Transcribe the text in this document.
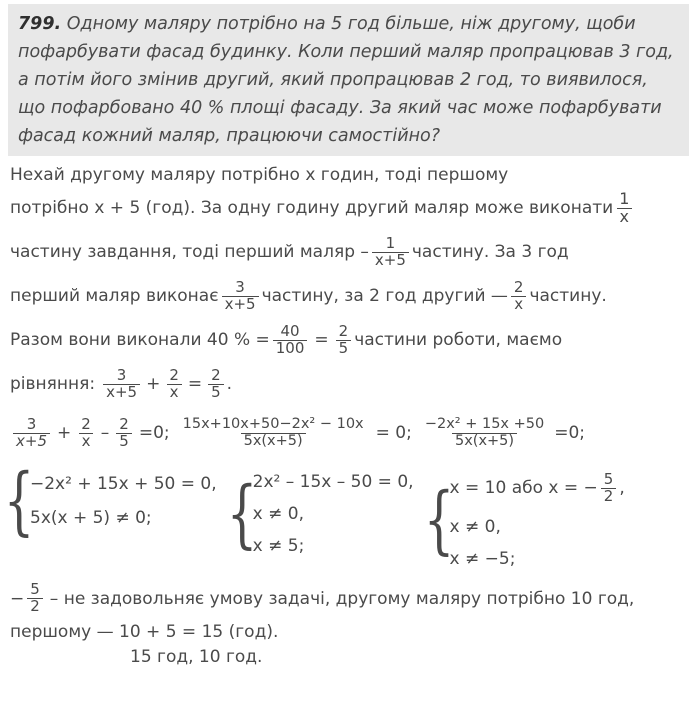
799. Одному маляру потрібно на 5 год більше, ніж другому, щоби пофарбувати фасад будинку. Коли перший маляр пропрацював 3 год, а потім його змінив другий, який пропрацював 2 год, то виявилося, що пофарбовано 40 % площі фасаду. За який час може пофарбувати фасад кожний маляр, працюючи самостійно?
Нехай другому маляру потрібно х годин, тоді першому
потрібно х + 5 (год). За одну годину другий маляр може виконати $\frac{1}{х}$
частину завдання, тоді перший маляр – $\frac{1}{х+5}$ частину. За 3 год
перший маляр виконає $\frac{3}{х+5}$ частину, за 2 год другий — $\frac{2}{х}$ частину.
Разом вони виконали 40 % = $\frac{40}{100} = \frac{2}{5}$ частини роботи, маємо
рівняння: $\frac{3}{х+5} + \frac{2}{х} = \frac{2}{5}$ .
$\frac{3}{х+5} + \frac{2}{х} - \frac{2}{5} =0$; $\frac{\text{15х+10х+50−2х² − 10х}}{5х(х+5)} = 0$; $\frac{\text{−2х² + 15х +50}}{5х(х+5)} =0$;
{
−2х² + 15х + 50 = 0,
5х(х + 5) ≠ 0; {
2х² – 15х – 50 = 0,
х ≠ 0,
х ≠ 5; {
х = 10 або х = − $\frac{5}{2}$ ,
х ≠ 0,
х ≠ −5;
− $\frac{5}{2}$ – не задовольняє умову задачі, другому маляру потрібно 10 год,
першому — 10 + 5 = 15 (год).
15 год, 10 год.
